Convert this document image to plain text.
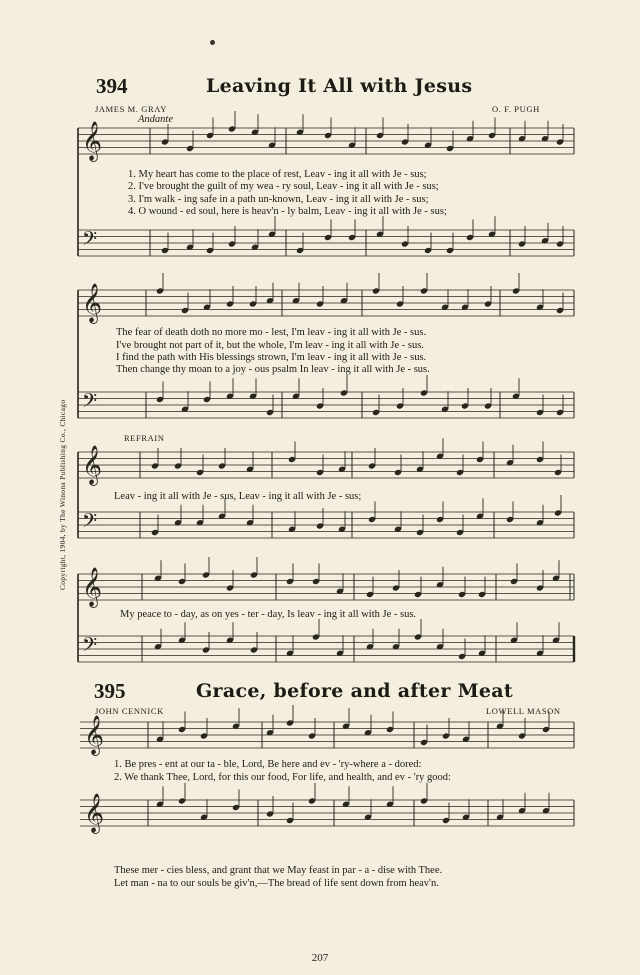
394	Leaving It All with Jesus
JAMES M. GRAY	O. F. PUGH
Andante
𝄞
𝄢
𝄞
𝄢
𝄞
𝄢
𝄞
𝄢
𝄞
𝄞
1. My heart has come to the place of rest, Leav - ing it all with Je - sus;
2. I've brought the guilt of my wea - ry soul, Leav - ing it all with Je - sus;
3. I'm walk - ing safe in a path un-known, Leav - ing it all with Je - sus;
4. O wound - ed soul, here is heav'n - ly balm, Leav - ing it all with Je - sus;
The fear of death doth no more mo - lest, I'm leav - ing it all with Je - sus.
I've brought not part of it, but the whole, I'm leav - ing it all with Je - sus.
I find the path with His blessings strown, I'm leav - ing it all with Je - sus.
Then change thy moan to a joy - ous psalm In leav - ing it all with Je - sus.
REFRAIN
Leav - ing it all with Je - sus, Leav - ing it all with Je - sus;
My peace to - day, as on yes - ter - day, Is leav - ing it all with Je - sus.
395	Grace, before and after Meat
JOHN CENNICK	LOWELL MASON
1. Be pres - ent at our ta - ble, Lord, Be here and ev - 'ry-where a - dored:
2. We thank Thee, Lord, for this our food, For life, and health, and ev - 'ry good:
These mer - cies bless, and grant that we May feast in par - a - dise with Thee.
Let man - na to our souls be giv'n,—The bread of life sent down from heav'n.
Copyright, 1904, by The Winona Publishing Co., Chicago
207
